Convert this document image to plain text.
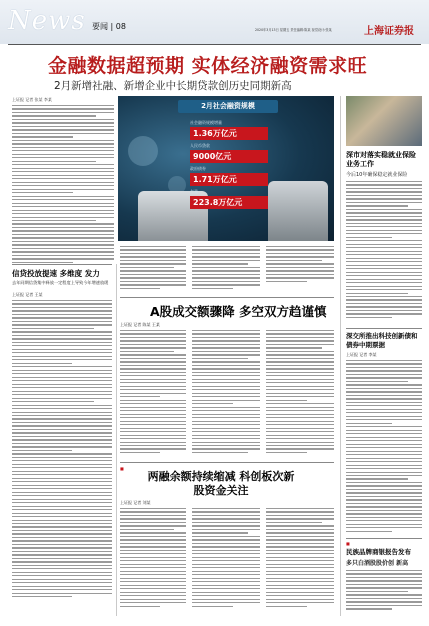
News 要闻 | 08	2020年3月13日 星期五 责任编辑:陈某 视觉设计:张某	上海证券报
金融数据超预期 实体经济融资需求旺
2月新增社融、新增企业中长期贷款创历史同期新高
上证报 记者 张某 李某
2月社会融资规模
社会融资规模增量
1.36万亿元
人民币贷款
9000亿元
政府债券
1.71万亿元
存量
223.8万亿元
深市对落实稳就业保险业务工作
今后10年确保稳定就业保险
深交所推出科技创新债和债券中期票据
上证报 记者 李某
■
民族品牌商银报告发布
多只白酒股股价创 新高
信贷投放提速 多维度 发力
去年同期信贷集中释放一定程度上导致今年增速放缓
上证报 记者 王某
A股成交额骤降 多空双方趋谨慎
上证报 记者 陈某 王某
■
两融余额持续缩减 科创板次新股资金关注
上证报 记者 刘某
